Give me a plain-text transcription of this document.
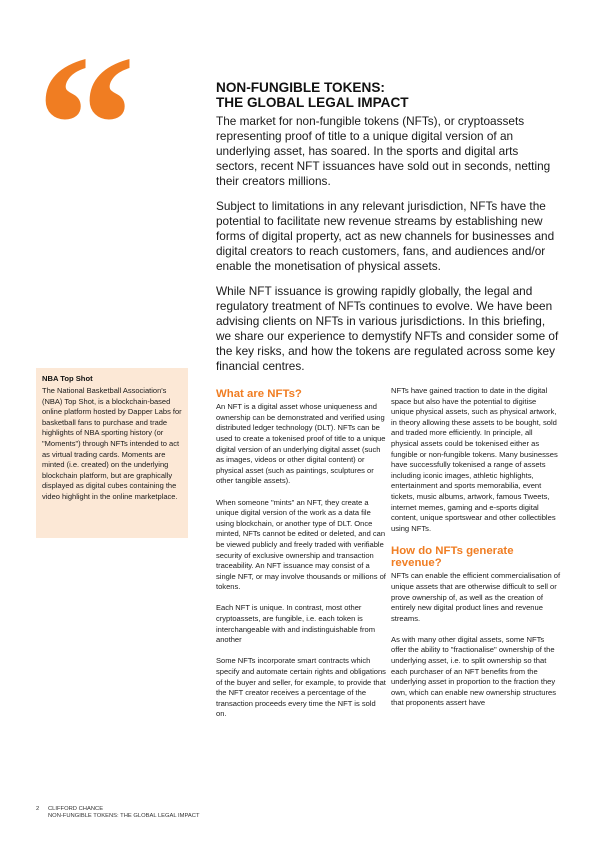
“	NON-FUNGIBLE TOKENS:
THE GLOBAL LEGAL IMPACT

The market for non-fungible tokens (NFTs), or cryptoassets representing proof of title to a unique digital version of an underlying asset, has soared. In the sports and digital arts sectors, recent NFT issuances have sold out in seconds, netting their creators millions.

Subject to limitations in any relevant jurisdiction, NFTs have the potential to facilitate new revenue streams by establishing new forms of digital property, act as new channels for businesses and digital creators to reach customers, fans, and audiences and/or enable the monetisation of physical assets.

While NFT issuance is growing rapidly globally, the legal and regulatory treatment of NFTs continues to evolve. We have been advising clients on NFTs in various jurisdictions. In this briefing, we share our experience to demystify NFTs and consider some of the key risks, and how the tokens are regulated across some key financial centres.

NBA Top Shot

The National Basketball Association's (NBA) Top Shot, is a blockchain-based online platform hosted by Dapper Labs for basketball fans to purchase and trade highlights of NBA sporting history (or "Moments") through NFTs intended to act as virtual trading cards. Moments are minted (i.e. created) on the underlying blockchain platform, but are graphically displayed as digital cubes containing the video highlight in the online marketplace.

What are NFTs?

An NFT is a digital asset whose uniqueness and ownership can be demonstrated and verified using distributed ledger technology (DLT). NFTs can be used to create a tokenised proof of title to a unique digital version of an underlying digital asset (such as images, videos or other digital content) or physical asset (such as paintings, sculptures or other tangible assets).

When someone "mints" an NFT, they create a unique digital version of the work as a data file using blockchain, or another type of DLT. Once minted, NFTs cannot be edited or deleted, and can be viewed publicly and freely traded with verifiable security of exclusive ownership and transaction traceability. An NFT issuance may consist of a single NFT, or may involve thousands or millions of tokens.

Each NFT is unique. In contrast, most other cryptoassets, are fungible, i.e. each token is interchangeable with and indistinguishable from another

Some NFTs incorporate smart contracts which specify and automate certain rights and obligations of the buyer and seller, for example, to provide that the NFT creator receives a percentage of the transaction proceeds every time the NFT is sold on.

NFTs have gained traction to date in the digital space but also have the potential to digitise unique physical assets, such as physical artwork, in theory allowing these assets to be bought, sold and traded more efficiently. In principle, all physical assets could be tokenised either as fungible or non-fungible tokens. Many businesses have successfully tokenised a range of assets including iconic images, athletic highlights, entertainment and sports memorabilia, event tickets, music albums, artwork, famous Tweets, internet memes, gaming and e-sports digital content, unique sportswear and other collectibles using NFTs.

How do NFTs generate revenue?

NFTs can enable the efficient commercialisation of unique assets that are otherwise difficult to sell or prove ownership of, as well as the creation of entirely new digital product lines and revenue streams.

As with many other digital assets, some NFTs offer the ability to "fractionalise" ownership of the underlying asset, i.e. to split ownership so that each purchaser of an NFT benefits from the underlying asset in proportion to the fraction they own, which can enable new ownership structures that proponents assert have

2 CLIFFORD CHANCE
NON-FUNGIBLE TOKENS: THE GLOBAL LEGAL IMPACT
